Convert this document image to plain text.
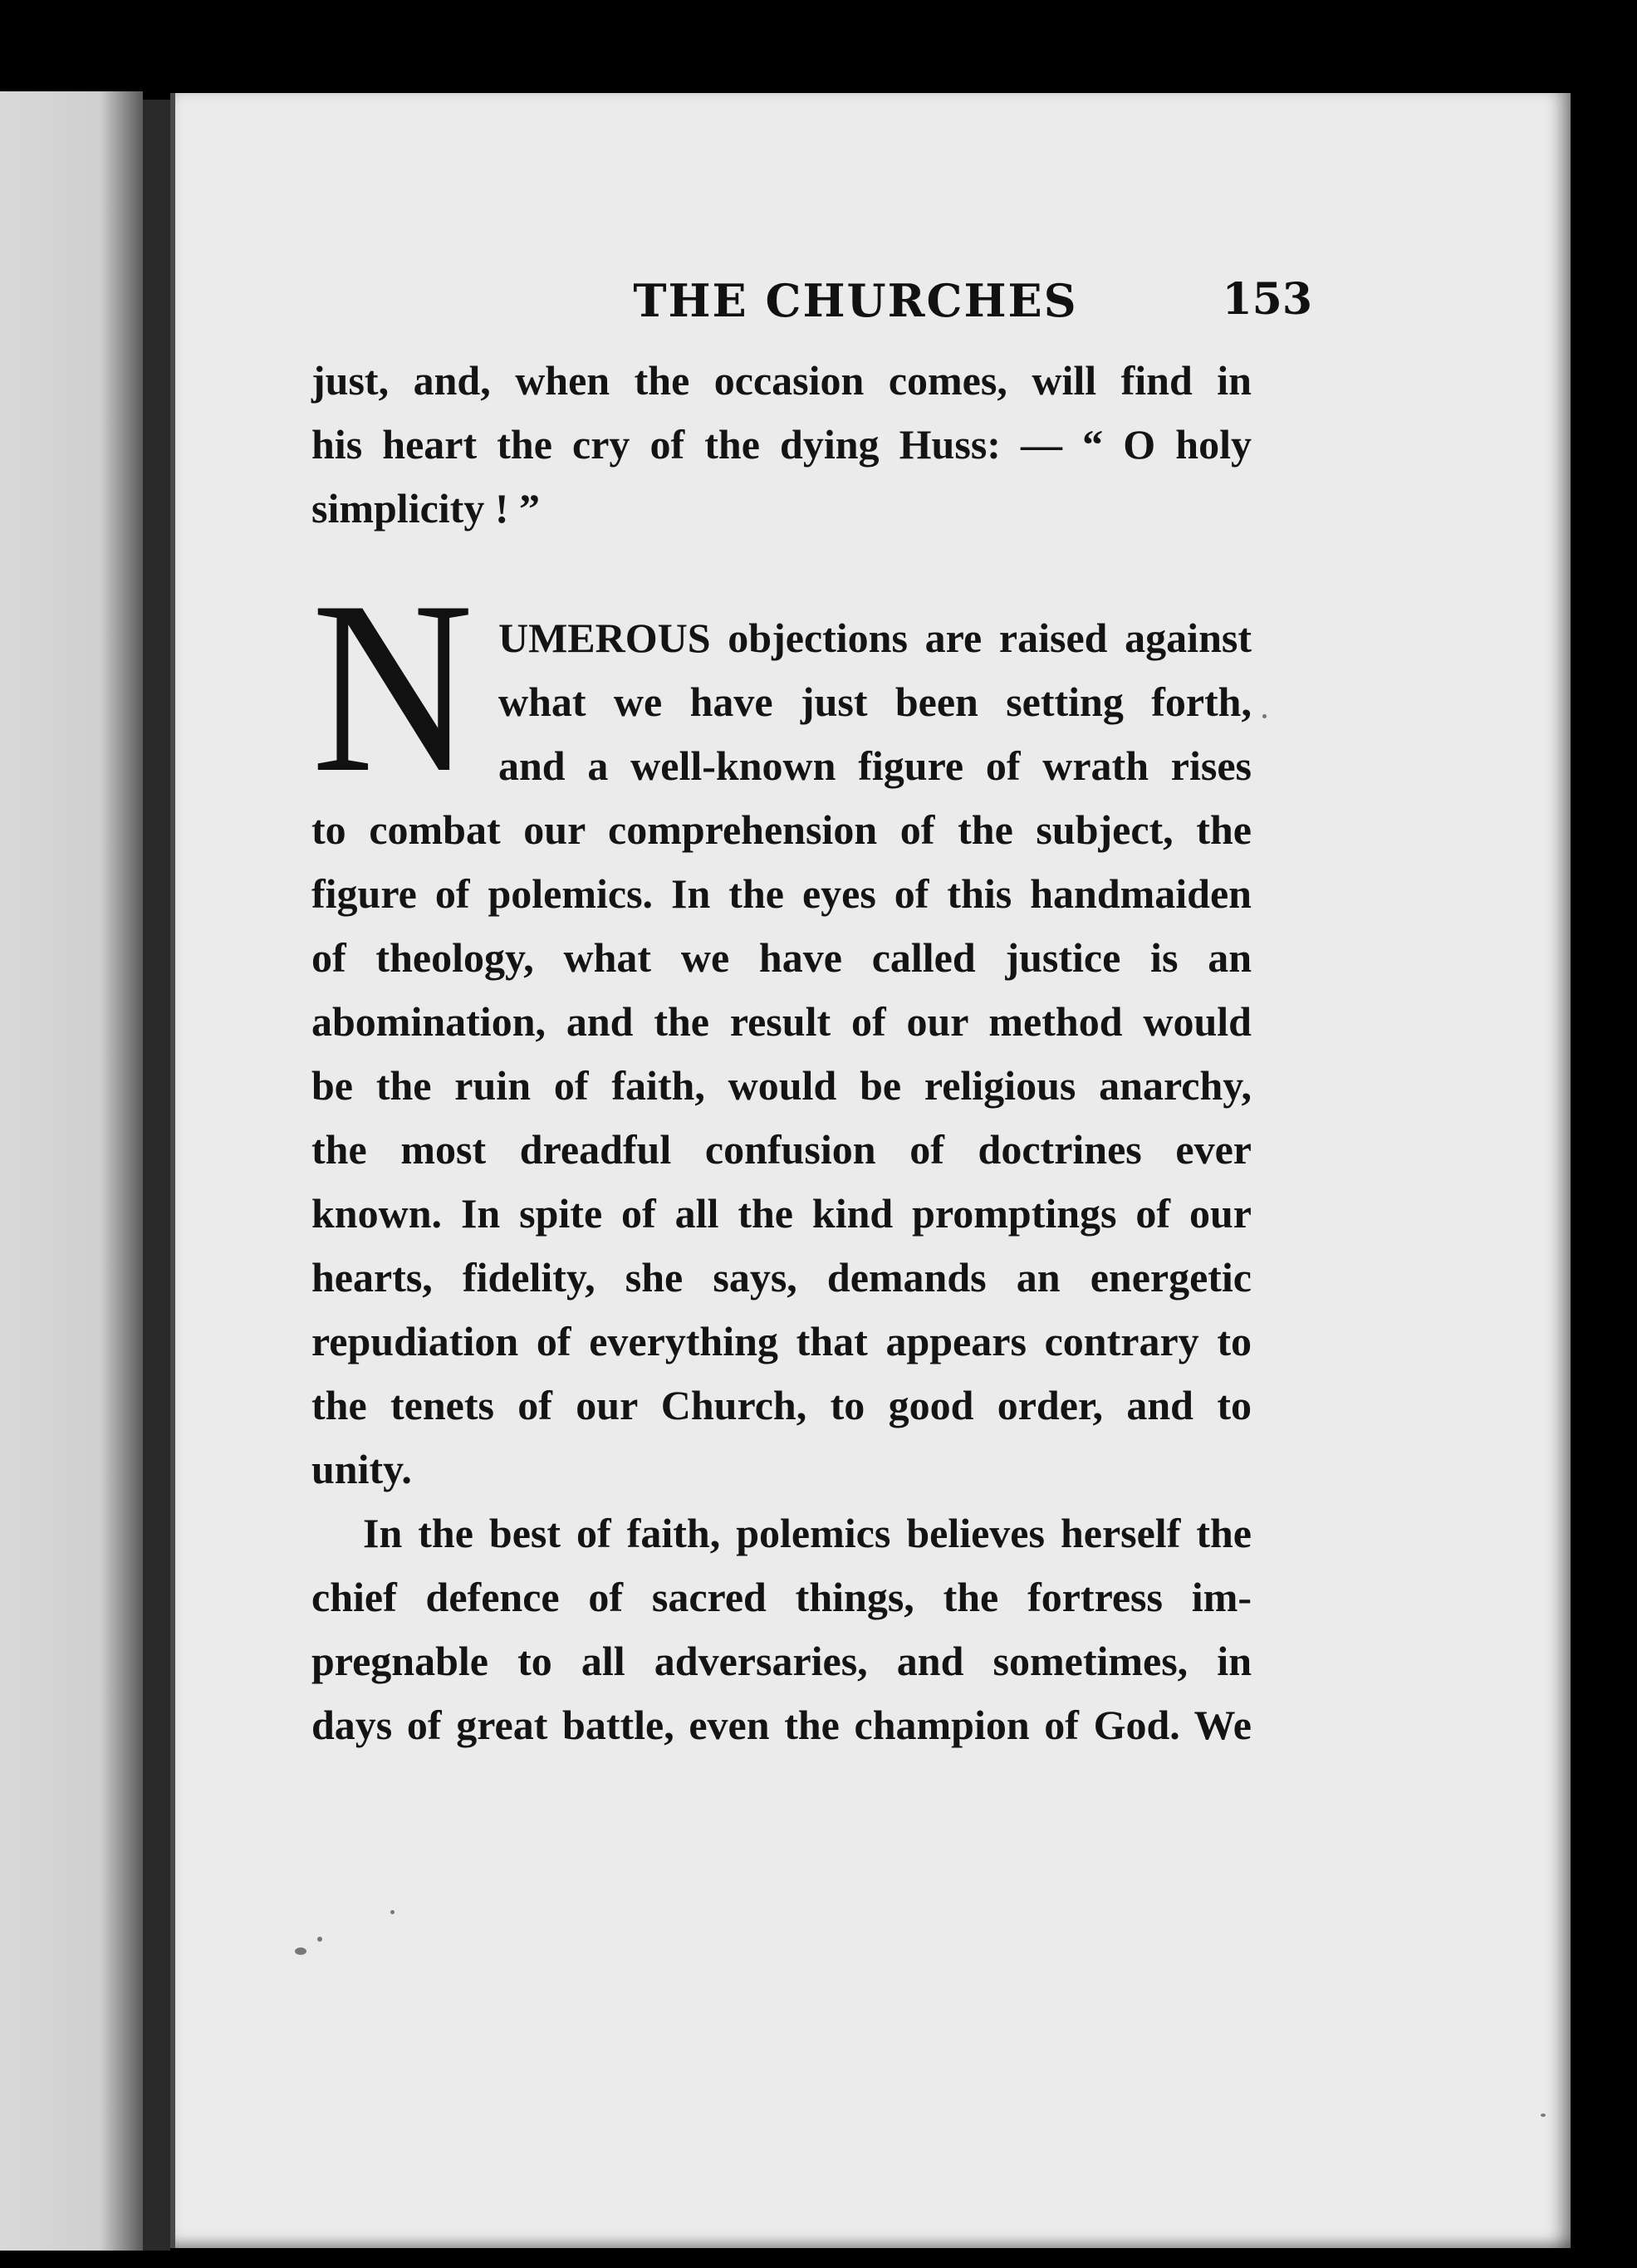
THE CHURCHES	153
just, and, when the occasion comes, will find in
his heart the cry of the dying Huss: — “ O holy
simplicity ! ”
N UMEROUS objections are raised against
what we have just been setting forth,
and a well-known figure of wrath rises
to combat our comprehension of the subject, the
figure of polemics. In the eyes of this handmaiden
of theology, what we have called justice is an
abomination, and the result of our method would
be the ruin of faith, would be religious anarchy,
the most dreadful confusion of doctrines ever
known. In spite of all the kind promptings of our
hearts, fidelity, she says, demands an energetic
repudiation of everything that appears contrary to
the tenets of our Church, to good order, and to
unity.
In the best of faith, polemics believes herself the
chief defence of sacred things, the fortress im-
pregnable to all adversaries, and sometimes, in
days of great battle, even the champion of God. We
